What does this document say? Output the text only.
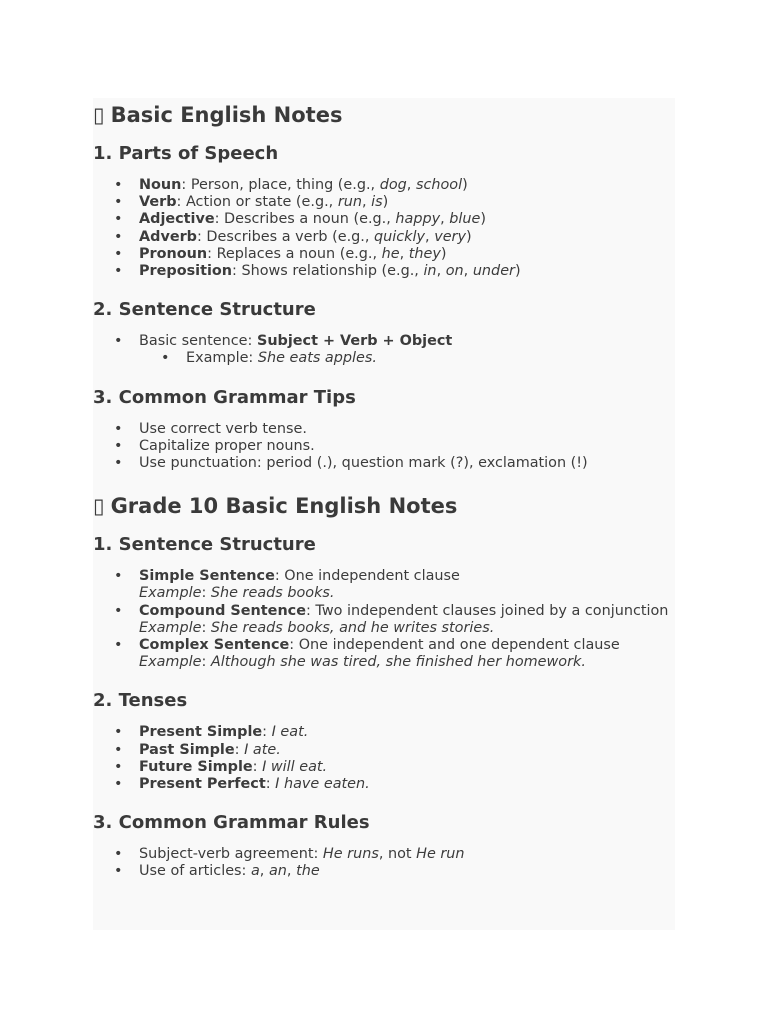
▯ Basic English Notes
1. Parts of Speech
• Noun: Person, place, thing (e.g., dog, school)
• Verb: Action or state (e.g., run, is)
• Adjective: Describes a noun (e.g., happy, blue)
• Adverb: Describes a verb (e.g., quickly, very)
• Pronoun: Replaces a noun (e.g., he, they)
• Preposition: Shows relationship (e.g., in, on, under)
2. Sentence Structure
• Basic sentence: Subject + Verb + Object
• Example: She eats apples.
3. Common Grammar Tips
• Use correct verb tense.
• Capitalize proper nouns.
• Use punctuation: period (.), question mark (?), exclamation (!)
▯ Grade 10 Basic English Notes
1. Sentence Structure
• Simple Sentence: One independent clause
Example: She reads books.
• Compound Sentence: Two independent clauses joined by a conjunction
Example: She reads books, and he writes stories.
• Complex Sentence: One independent and one dependent clause
Example: Although she was tired, she finished her homework.
2. Tenses
• Present Simple: I eat.
• Past Simple: I ate.
• Future Simple: I will eat.
• Present Perfect: I have eaten.
3. Common Grammar Rules
• Subject-verb agreement: He runs, not He run
• Use of articles: a, an, the
